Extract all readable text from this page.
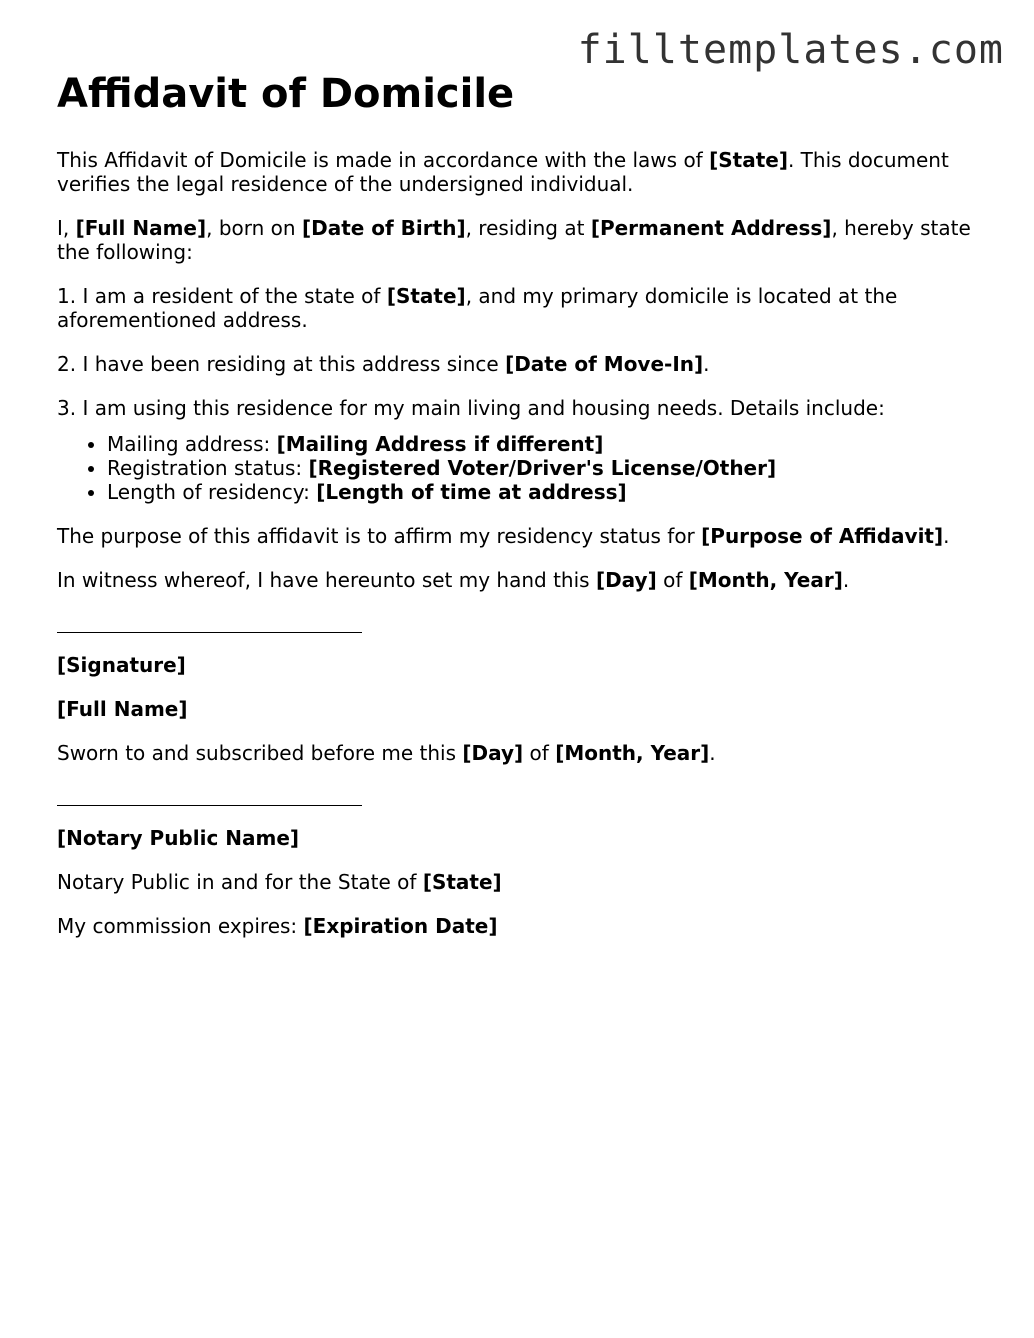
filltemplates.com
Affidavit of Domicile

This Affidavit of Domicile is made in accordance with the laws of [State]. This document verifies the legal residence of the undersigned individual.

I, [Full Name], born on [Date of Birth], residing at [Permanent Address], hereby state the following:

1. I am a resident of the state of [State], and my primary domicile is located at the aforementioned address.

2. I have been residing at this address since [Date of Move-In].

3. I am using this residence for my main living and housing needs. Details include:

• Mailing address: [Mailing Address if different]
• Registration status: [Registered Voter/Driver's License/Other]
• Length of residency: [Length of time at address]

The purpose of this affidavit is to affirm my residency status for [Purpose of Affidavit].

In witness whereof, I have hereunto set my hand this [Day] of [Month, Year].

[Signature]

[Full Name]

Sworn to and subscribed before me this [Day] of [Month, Year].

[Notary Public Name]

Notary Public in and for the State of [State]

My commission expires: [Expiration Date]
